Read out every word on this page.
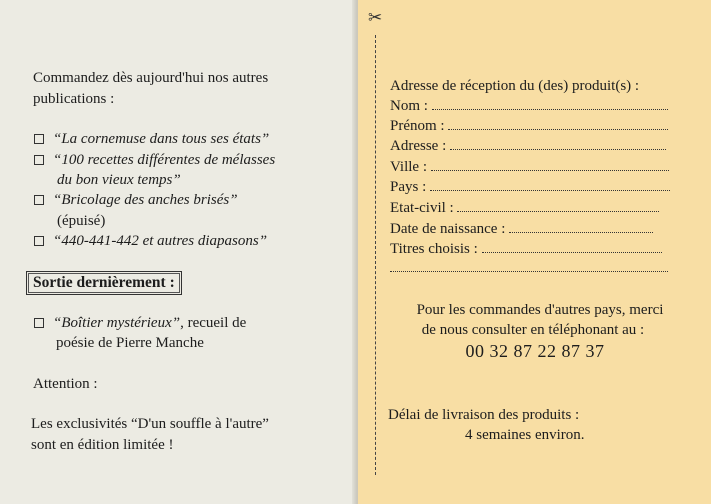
Commandez dès aujourd'hui nos autres
publications :
“La cornemuse dans tous ses états”
“100 recettes différentes de mélasses
du bon vieux temps”
“Bricolage des anches brisés”
(épuisé)
“440-441-442 et autres diapasons”
Sortie dernièrement :
“Boîtier mystérieux”, recueil de
poésie de Pierre Manche
Attention :
Les exclusivités “D'un souffle à l'autre”
sont en édition limitée !
✂
Adresse de réception du (des) produit(s) :
Nom :
Prénom :
Adresse :
Ville :
Pays :
Etat-civil :
Date de naissance :
Titres choisis :
Pour les commandes d'autres pays, merci
de nous consulter en téléphonant au :
00 32 87 22 87 37
Délai de livraison des produits :
4 semaines environ.
